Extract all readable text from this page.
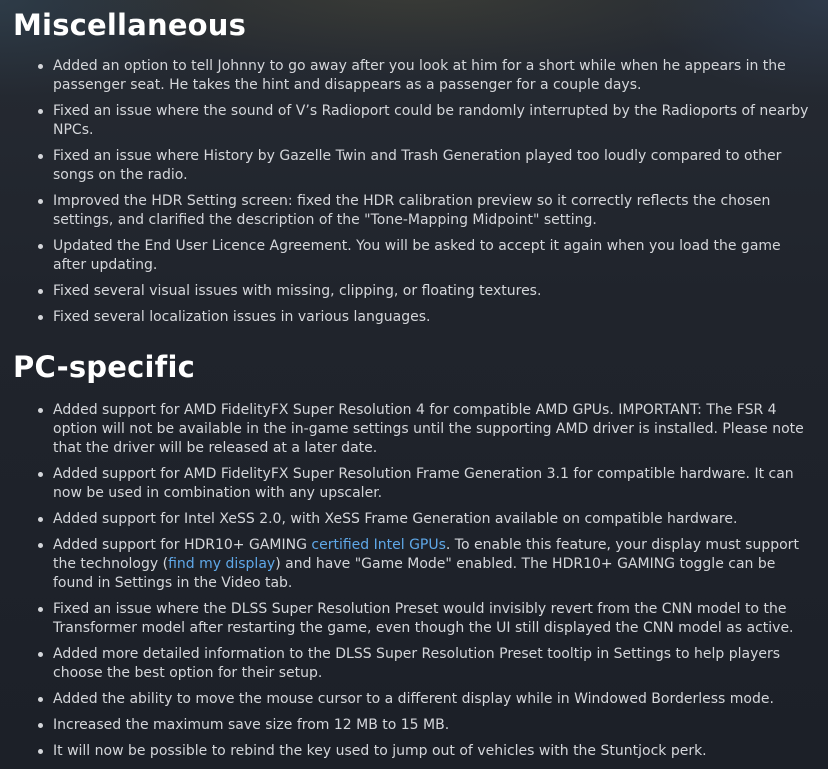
Miscellaneous
Added an option to tell Johnny to go away after you look at him for a short while when he appears in the passenger seat. He takes the hint and disappears as a passenger for a couple days.
Fixed an issue where the sound of V’s Radioport could be randomly interrupted by the Radioports of nearby NPCs.
Fixed an issue where History by Gazelle Twin and Trash Generation played too loudly compared to other songs on the radio.
Improved the HDR Setting screen: fixed the HDR calibration preview so it correctly reflects the chosen settings, and clarified the description of the "Tone-Mapping Midpoint" setting.
Updated the End User Licence Agreement. You will be asked to accept it again when you load the game after updating.
Fixed several visual issues with missing, clipping, or floating textures.
Fixed several localization issues in various languages.
PC-specific
Added support for AMD FidelityFX Super Resolution 4 for compatible AMD GPUs. IMPORTANT: The FSR 4 option will not be available in the in-game settings until the supporting AMD driver is installed. Please note that the driver will be released at a later date.
Added support for AMD FidelityFX Super Resolution Frame Generation 3.1 for compatible hardware. It can now be used in combination with any upscaler.
Added support for Intel XeSS 2.0, with XeSS Frame Generation available on compatible hardware.
Added support for HDR10+ GAMING certified Intel GPUs. To enable this feature, your display must support the technology (find my display) and have "Game Mode" enabled. The HDR10+ GAMING toggle can be found in Settings in the Video tab.
Fixed an issue where the DLSS Super Resolution Preset would invisibly revert from the CNN model to the Transformer model after restarting the game, even though the UI still displayed the CNN model as active.
Added more detailed information to the DLSS Super Resolution Preset tooltip in Settings to help players choose the best option for their setup.
Added the ability to move the mouse cursor to a different display while in Windowed Borderless mode.
Increased the maximum save size from 12 MB to 15 MB.
It will now be possible to rebind the key used to jump out of vehicles with the Stuntjock perk.
